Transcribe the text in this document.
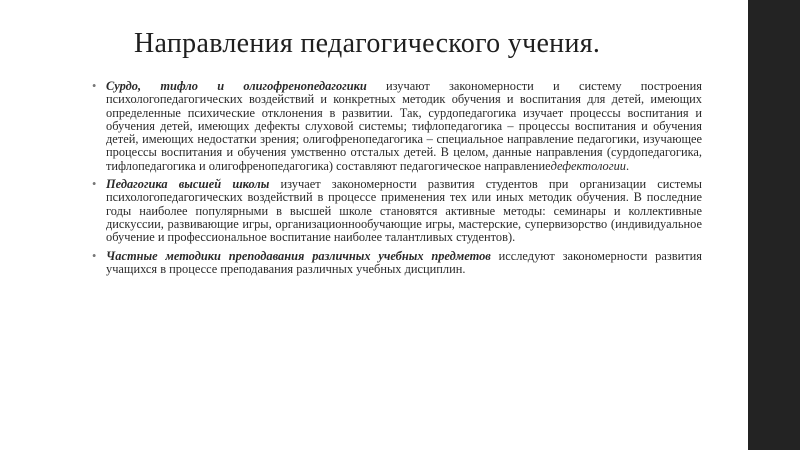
Направления педагогического учения.

• Сурдо, тифло и олигофренопедагогики изучают закономерности и систему построения психологопедагогических воздействий и конкретных методик обучения и воспитания для детей, имеющих определенные психические отклонения в развитии. Так, сурдопедагогика изучает процессы воспитания и обучения детей, имеющих дефекты слуховой системы; тифлопедагогика – процессы воспитания и обучения детей, имеющих недостатки зрения; олигофренопедагогика – специальное направление педагогики, изучающее процессы воспитания и обучения умственно отсталых детей. В целом, данные направления (сурдопедагогика, тифлопедагогика и олигофренопедагогика) составляют педагогическое направлениедефектологии.

• Педагогика высшей школы изучает закономерности развития студентов при организации системы психологопедагогических воздействий в процессе применения тех или иных методик обучения. В последние годы наиболее популярными в высшей школе становятся активные методы: семинары и коллективные дискуссии, развивающие игры, организационнообучающие игры, мастерские, супервизорство (индивидуальное обучение и профессиональное воспитание наиболее талантливых студентов).

• Частные методики преподавания различных учебных предметов исследуют закономерности развития учащихся в процессе преподавания различных учебных дисциплин.
